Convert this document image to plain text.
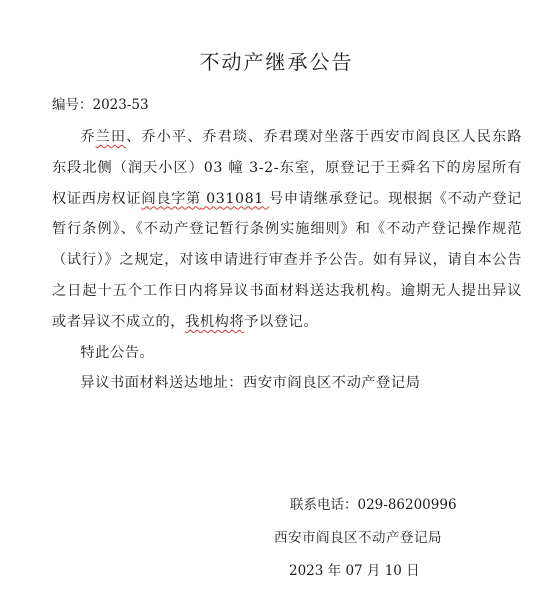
不动产继承公告
编号：2023-53

乔兰田、乔小平、乔君琰、乔君璞对坐落于西安市阎良区人民东路东段北侧（润天小区）03 幢 3-2-东室，原登记于王舜名下的房屋所有权证西房权证阎良字第 031081 号申请继承登记。现根据《不动产登记暂行条例》、《不动产登记暂行条例实施细则》和《不动产登记操作规范（试行）》之规定，对该申请进行审查并予公告。如有异议，请自本公告之日起十五个工作日内将异议书面材料送达我机构。逾期无人提出异议或者异议不成立的，我机构将予以登记。

特此公告。

异议书面材料送达地址：西安市阎良区不动产登记局

联系电话：029-86200996
西安市阎良区不动产登记局
2023 年 07 月 10 日
